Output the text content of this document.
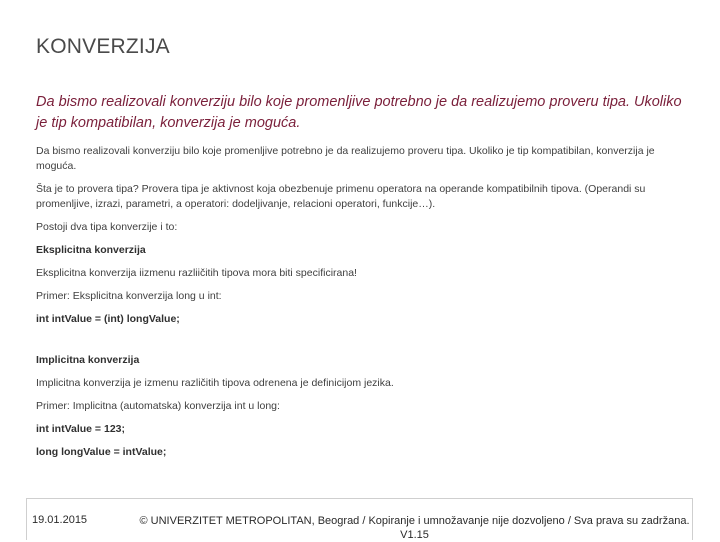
KONVERZIJA
Da bismo realizovali konverziju bilo koje promenljive potrebno je da realizujemo proveru tipa. Ukoliko je tip kompatibilan, konverzija je moguća.

Da bismo realizovali konverziju bilo koje promenljive potrebno je da realizujemo proveru tipa. Ukoliko je tip kompatibilan, konverzija je moguća.

Šta je to provera tipa? Provera tipa je aktivnost koja obezbenuje primenu operatora na operande kompatibilnih tipova. (Operandi su promenljive, izrazi, parametri, a operatori: dodeljivanje, relacioni operatori, funkcije…).

Postoji dva tipa konverzije i to:

Eksplicitna konverzija

Eksplicitna konverzija iizmenu razliičitih tipova mora biti specificirana!

Primer: Eksplicitna konverzija long u int:

int intValue = (int) longValue;

Implicitna konverzija

Implicitna konverzija je izmenu različitih tipova odrenena je definicijom jezika.

Primer: Implicitna (automatska) konverzija int u long:

int intValue = 123;

long longValue = intValue;

19.01.2015	© UNIVERZITET METROPOLITAN, Beograd / Kopiranje i umnožavanje nije dozvoljeno / Sva prava su zadržana. V1.15
